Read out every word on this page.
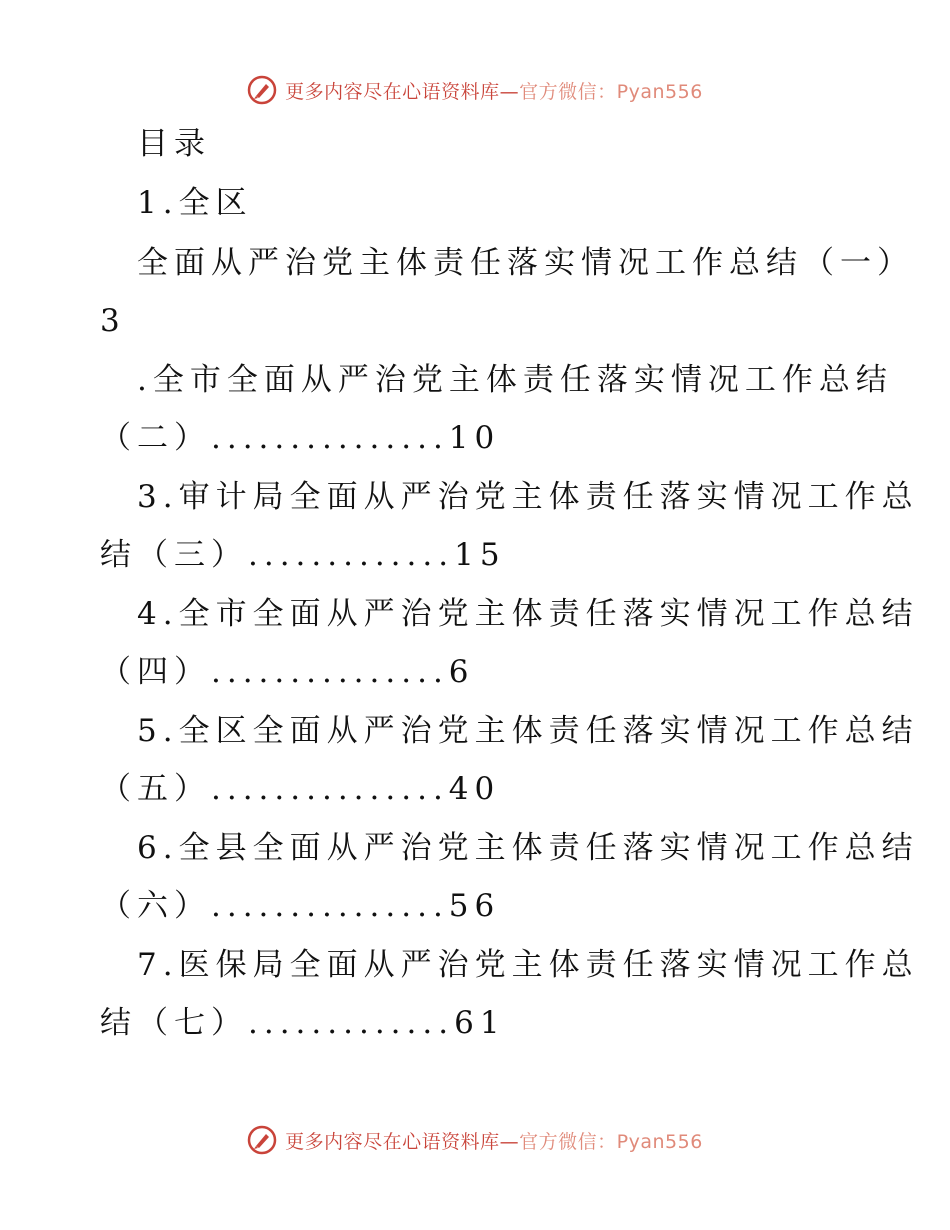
更多内容尽在心语资料库—官方微信：Pyan556
目录
1.全区
全面从严治党主体责任落实情况工作总结（一）
3
.全市全面从严治党主体责任落实情况工作总结
（二）...............10
3.审计局全面从严治党主体责任落实情况工作总
结（三）.............15
4.全市全面从严治党主体责任落实情况工作总结
（四）...............6
5.全区全面从严治党主体责任落实情况工作总结
（五）...............40
6.全县全面从严治党主体责任落实情况工作总结
（六）...............56
7.医保局全面从严治党主体责任落实情况工作总
结（七）.............61
更多内容尽在心语资料库—官方微信：Pyan556
